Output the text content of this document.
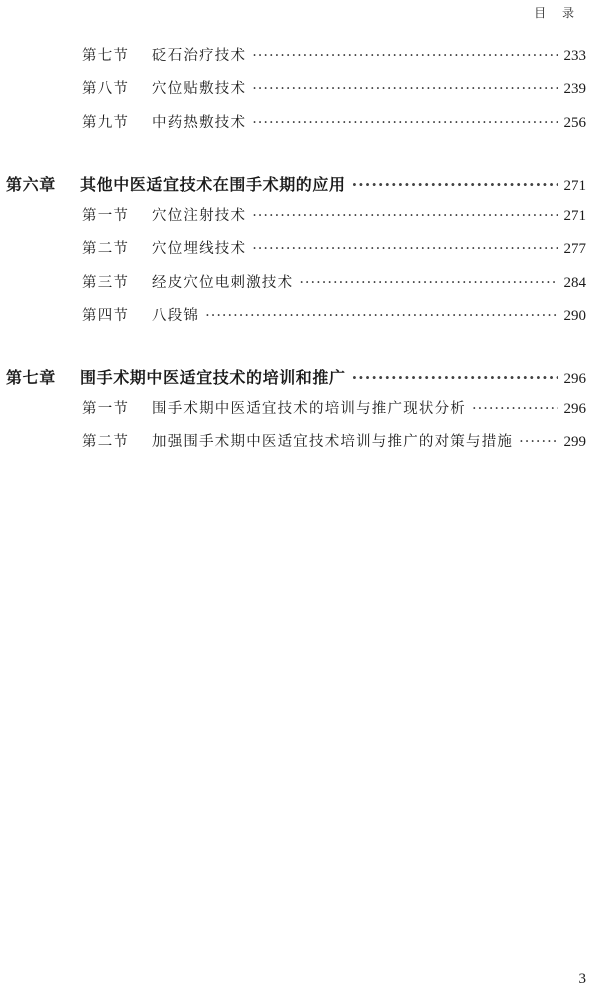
目 录
第七节	砭石治疗技术 ·····	233
第八节	穴位贴敷技术 ·····	239
第九节	中药热敷技术 ·····	256
第六章	其他中医适宜技术在围手术期的应用 ·····	271
第一节	穴位注射技术 ·····	271
第二节	穴位埋线技术 ·····	277
第三节	经皮穴位电刺激技术 ·····	284
第四节	八段锦 ·····	290
第七章	围手术期中医适宜技术的培训和推广 ·····	296
第一节	围手术期中医适宜技术的培训与推广现状分析 ·····	296
第二节	加强围手术期中医适宜技术培训与推广的对策与措施 ·····	299
3
